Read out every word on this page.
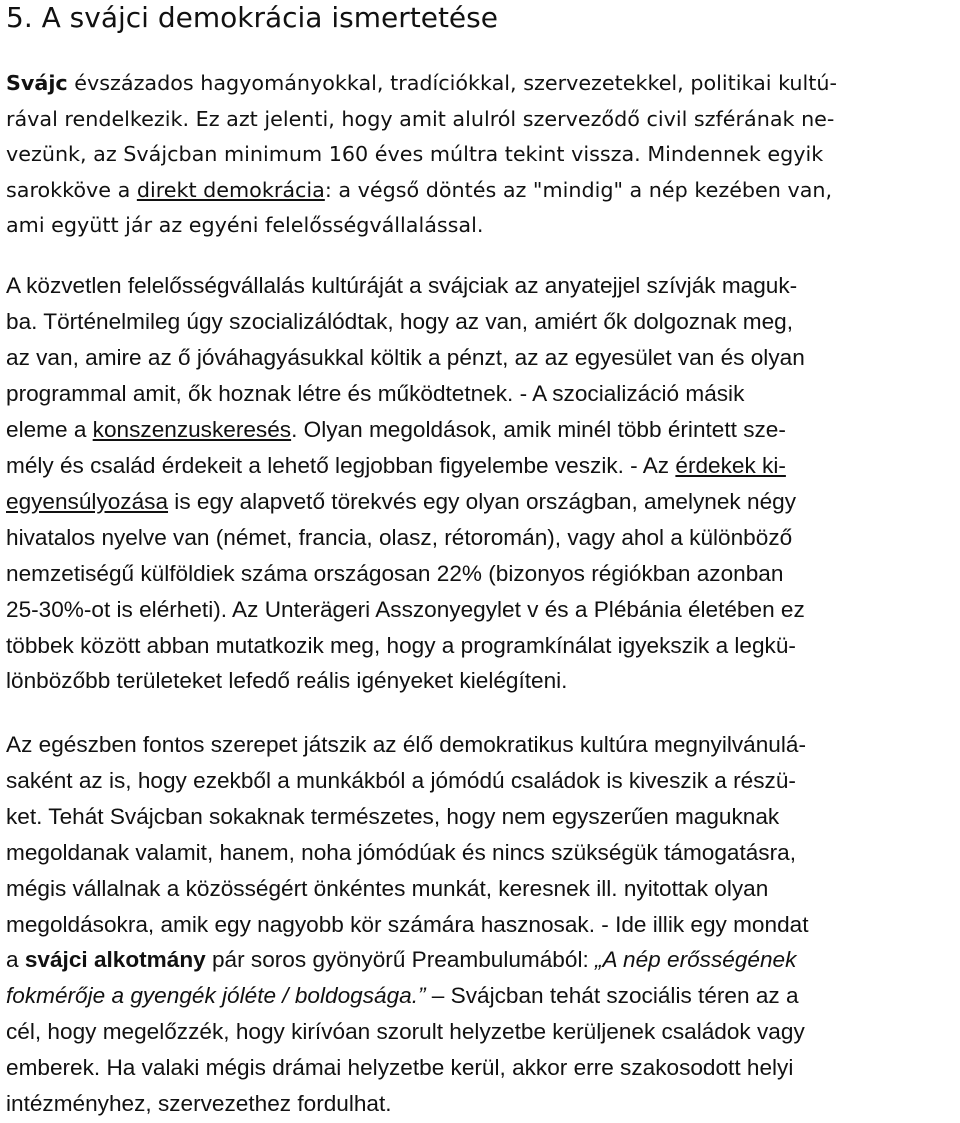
5. A svájci demokrácia ismertetése
Svájc évszázados hagyományokkal, tradíciókkal, szervezetekkel, politikai kultú-
rával rendelkezik. Ez azt jelenti, hogy amit alulról szerveződő civil szférának ne-
vezünk, az Svájcban minimum 160 éves múltra tekint vissza. Mindennek egyik
sarokköve a direkt demokrácia: a végső döntés az "mindig" a nép kezében van,
ami együtt jár az egyéni felelősségvállalással.
A közvetlen felelősségvállalás kultúráját a svájciak az anyatejjel szívják maguk-
ba. Történelmileg úgy szocializálódtak, hogy az van, amiért ők dolgoznak meg,
az van, amire az ő jóváhagyásukkal költik a pénzt, az az egyesület van és olyan
programmal amit, ők hoznak létre és működtetnek. - A szocializáció másik
eleme a konszenzuskeresés. Olyan megoldások, amik minél több érintett sze-
mély és család érdekeit a lehető legjobban figyelembe veszik. - Az érdekek ki-
egyensúlyozása is egy alapvető törekvés egy olyan országban, amelynek négy
hivatalos nyelve van (német, francia, olasz, rétoromán), vagy ahol a különböző
nemzetiségű külföldiek száma országosan 22% (bizonyos régiókban azonban
25-30%-ot is elérheti). Az Unterägeri Asszonyegylet v és a Plébánia életében ez
többek között abban mutatkozik meg, hogy a programkínálat igyekszik a legkü-
lönbözőbb területeket lefedő reális igényeket kielégíteni.
Az egészben fontos szerepet játszik az élő demokratikus kultúra megnyilvánulá-
saként az is, hogy ezekből a munkákból a jómódú családok is kiveszik a részü-
ket. Tehát Svájcban sokaknak természetes, hogy nem egyszerűen maguknak
megoldanak valamit, hanem, noha jómódúak és nincs szükségük támogatásra,
mégis vállalnak a közösségért önkéntes munkát, keresnek ill. nyitottak olyan
megoldásokra, amik egy nagyobb kör számára hasznosak. - Ide illik egy mondat
a svájci alkotmány pár soros gyönyörű Preambulumából: „A nép erősségének
fokmérője a gyengék jóléte / boldogsága.” – Svájcban tehát szociális téren az a
cél, hogy megelőzzék, hogy kirívóan szorult helyzetbe kerüljenek családok vagy
emberek. Ha valaki mégis drámai helyzetbe kerül, akkor erre szakosodott helyi
intézményhez, szervezethez fordulhat.
